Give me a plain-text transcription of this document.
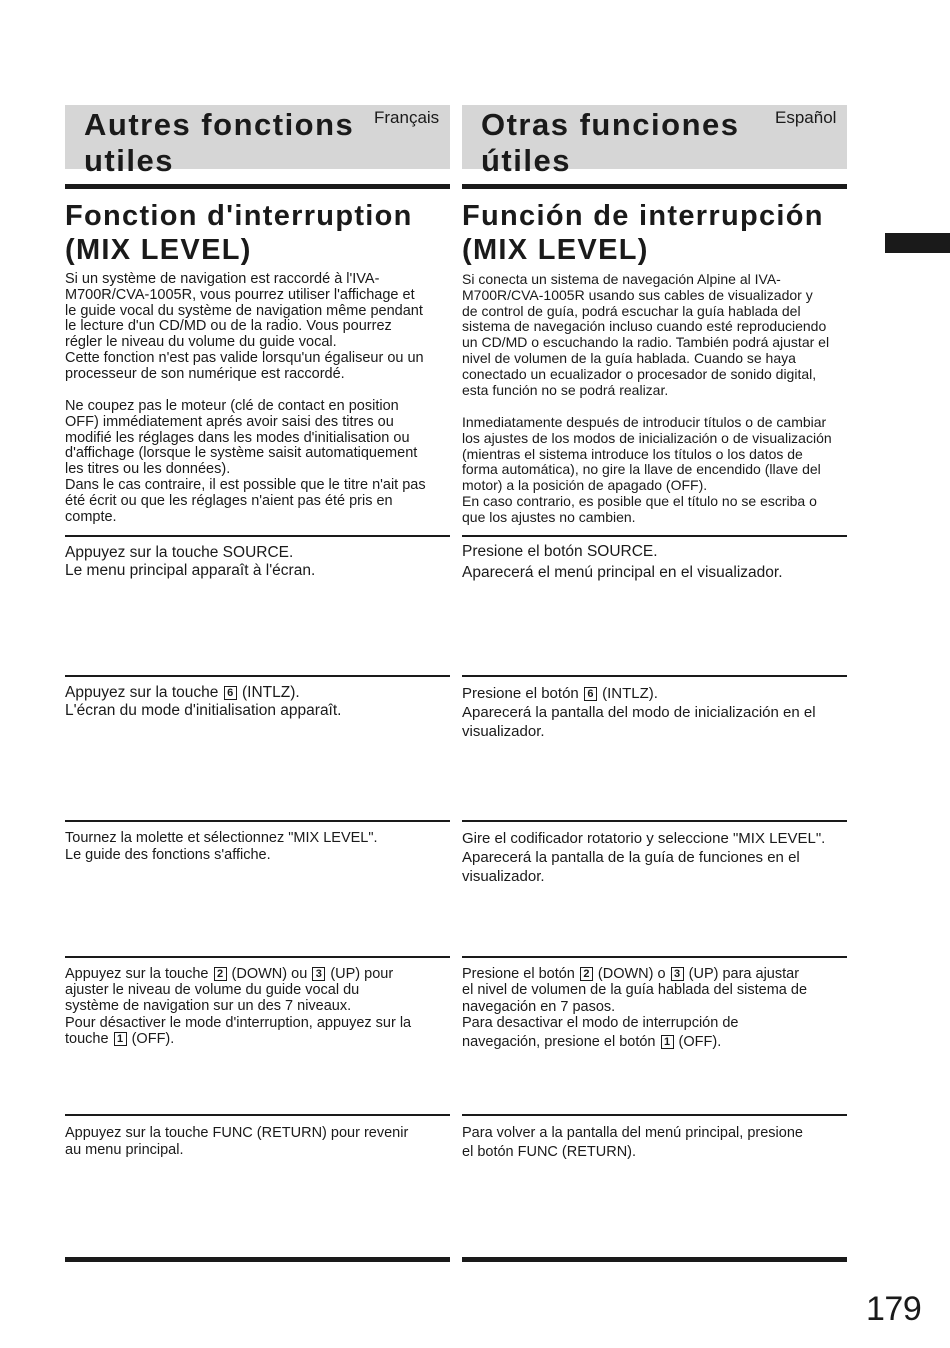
Autres fonctions
utiles
Français
Fonction d'interruption
(MIX LEVEL)

Si un système de navigation est raccordé à l'IVA-
M700R/CVA-1005R, vous pourrez utiliser l'affichage et
le guide vocal du système de navigation même pendant
le lecture d'un CD/MD ou de la radio. Vous pourrez
régler le niveau du volume du guide vocal.
Cette fonction n'est pas valide lorsqu'un égaliseur ou un
processeur de son numérique est raccordé.

Ne coupez pas le moteur (clé de contact en position
OFF) immédiatement aprés avoir saisi des titres ou
modifié les réglages dans les modes d'initialisation ou
d'affichage (lorsque le système saisit automatiquement
les titres ou les données).
Dans le cas contraire, il est possible que le titre n'ait pas
été écrit ou que les réglages n'aient pas été pris en
compte.

Appuyez sur la touche SOURCE.
Le menu principal apparaît à l'écran.

Appuyez sur la touche 6 (INTLZ).
L'écran du mode d'initialisation apparaît.

Tournez la molette et sélectionnez "MIX LEVEL".
Le guide des fonctions s'affiche.

Appuyez sur la touche 2 (DOWN) ou 3 (UP) pour
ajuster le niveau de volume du guide vocal du
système de navigation sur un des 7 niveaux.
Pour désactiver le mode d'interruption, appuyez sur la
touche 1 (OFF).

Appuyez sur la touche FUNC (RETURN) pour revenir
au menu principal.

Otras funciones
útiles
Español
Función de interrupción
(MIX LEVEL)

Si conecta un sistema de navegación Alpine al IVA-
M700R/CVA-1005R usando sus cables de visualizador y
de control de guía, podrá escuchar la guía hablada del
sistema de navegación incluso cuando esté reproduciendo
un CD/MD o escuchando la radio. También podrá ajustar el
nivel de volumen de la guía hablada. Cuando se haya
conectado un ecualizador o procesador de sonido digital,
esta función no se podrá realizar.

Inmediatamente después de introducir títulos o de cambiar
los ajustes de los modos de inicialización o de visualización
(mientras el sistema introduce los títulos o los datos de
forma automática), no gire la llave de encendido (llave del
motor) a la posición de apagado (OFF).
En caso contrario, es posible que el título no se escriba o
que los ajustes no cambien.

Presione el botón SOURCE.
Aparecerá el menú principal en el visualizador.

Presione el botón 6 (INTLZ).
Aparecerá la pantalla del modo de inicialización en el
visualizador.

Gire el codificador rotatorio y seleccione "MIX LEVEL".
Aparecerá la pantalla de la guía de funciones en el
visualizador.

Presione el botón 2 (DOWN) o 3 (UP) para ajustar
el nivel de volumen de la guía hablada del sistema de
navegación en 7 pasos.
Para desactivar el modo de interrupción de
navegación, presione el botón 1 (OFF).

Para volver a la pantalla del menú principal, presione
el botón FUNC (RETURN).

179
